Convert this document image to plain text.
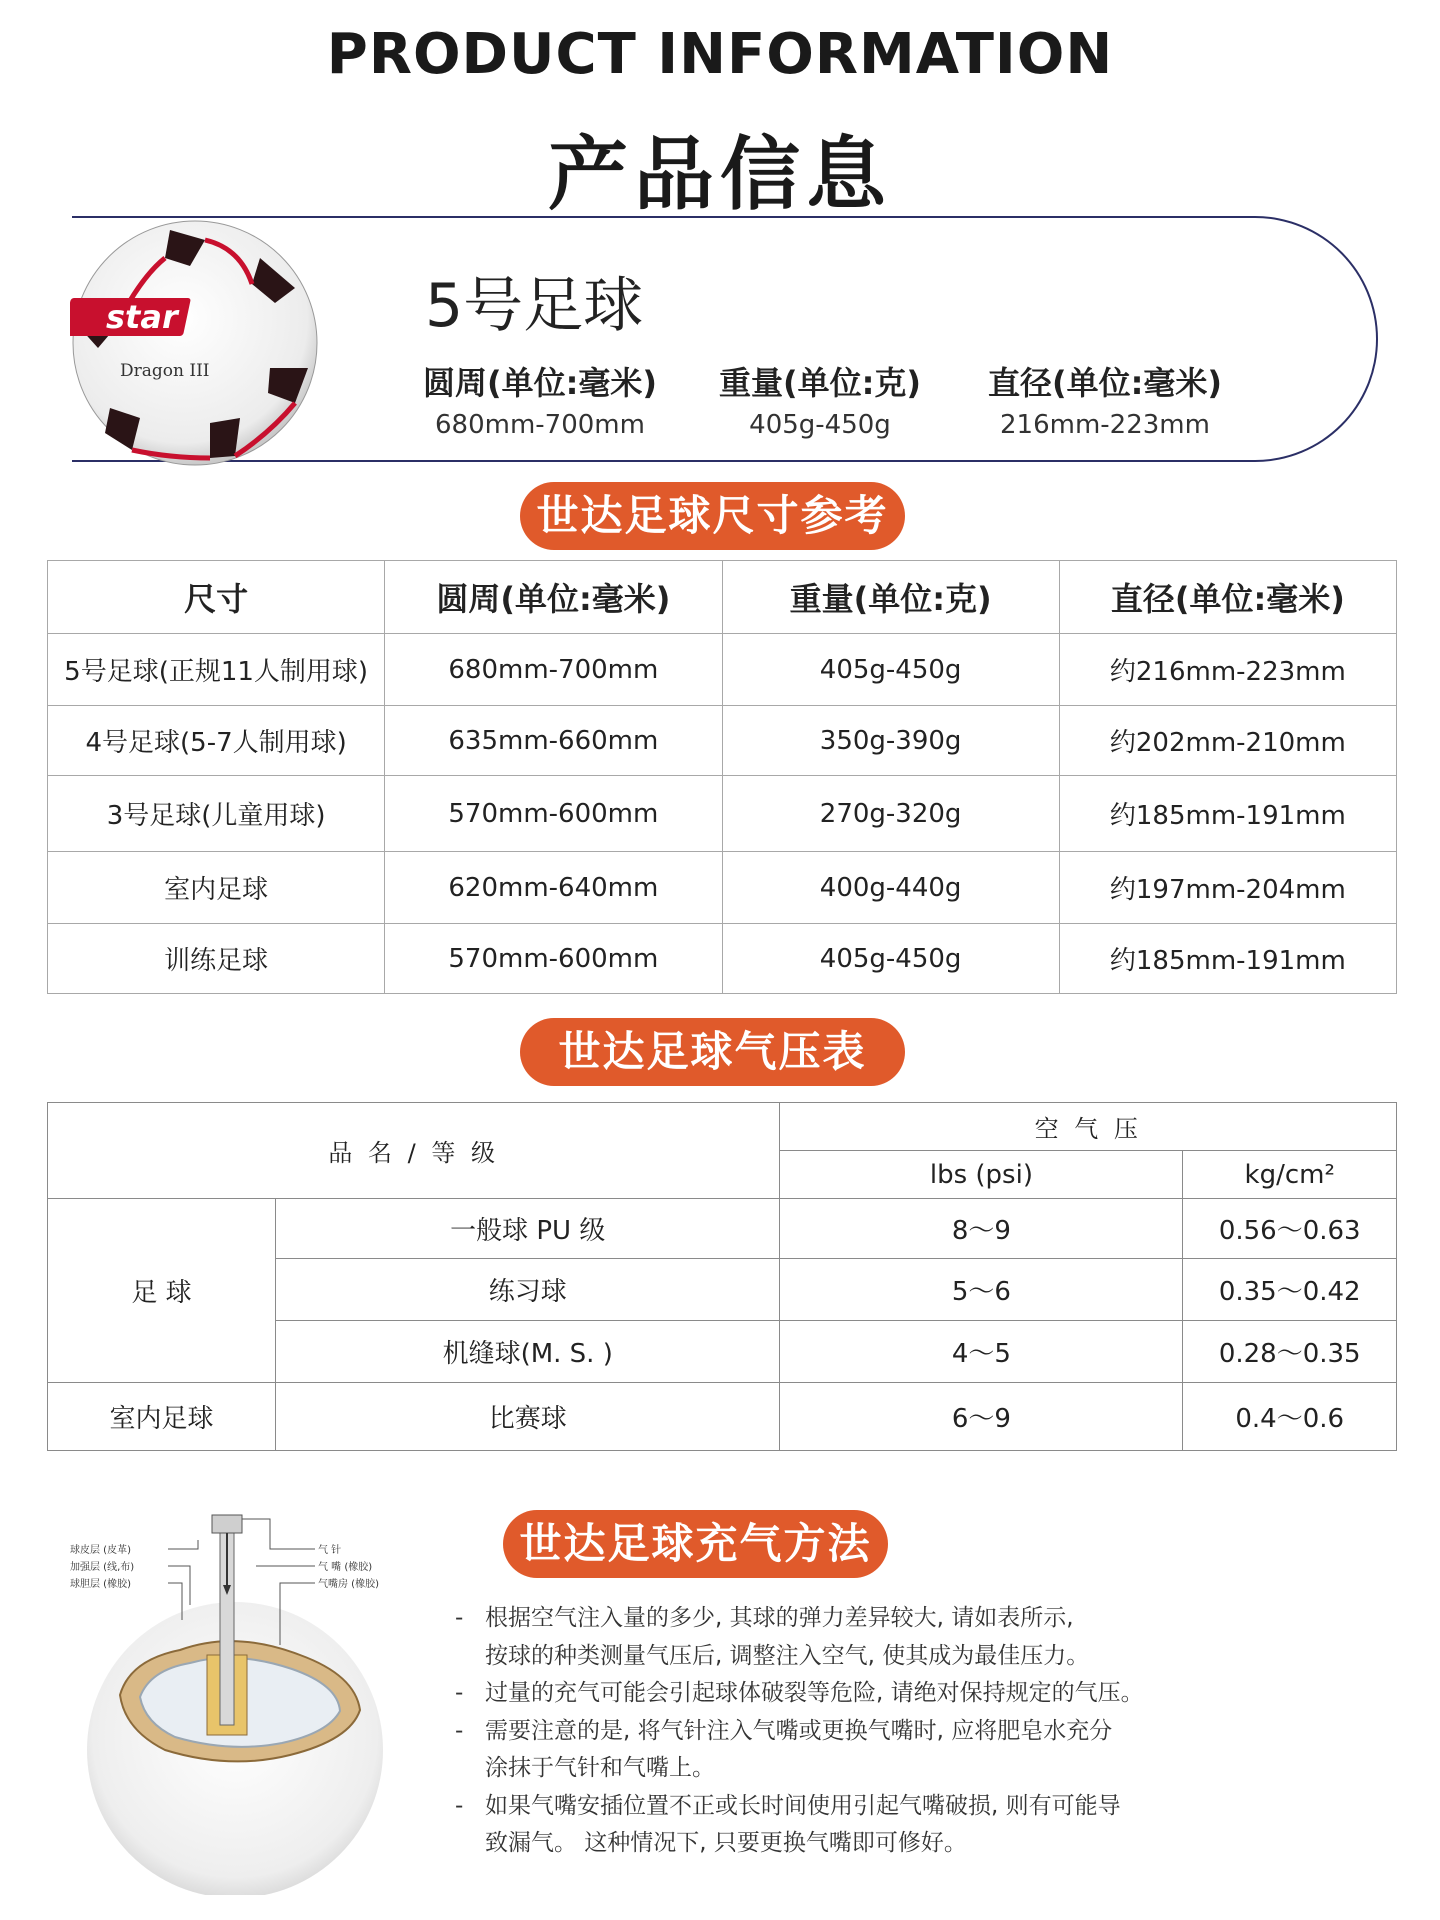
PRODUCT INFORMATION
产品信息
star
Dragon III
5号足球
圆周(单位:毫米)	重量(单位:克)	直径(单位:毫米)
680mm-700mm	405g-450g	216mm-223mm
世达足球尺寸参考
尺寸	圆周(单位:毫米)	重量(单位:克)	直径(单位:毫米)
5号足球(正规11人制用球)	680mm-700mm	405g-450g	约216mm-223mm
4号足球(5-7人制用球)	635mm-660mm	350g-390g	约202mm-210mm
3号足球(儿童用球)	570mm-600mm	270g-320g	约185mm-191mm
室内足球	620mm-640mm	400g-440g	约197mm-204mm
训练足球	570mm-600mm	405g-450g	约185mm-191mm
世达足球气压表
品 名 / 等 级		空 气 压	
		lbs (psi)	kg/cm²
足 球	一般球 PU 级	8～9	0.56～0.63
	练习球	5～6	0.35～0.42
	机缝球(M. S. )	4～5	0.28～0.35
室内足球	比赛球	6～9	0.4～0.6
球皮层 (皮革)
加强层 (线,布)
球胆层 (橡胶)
气 针
气 嘴 (橡胶)
气嘴房 (橡胶)
世达足球充气方法
- 根据空气注入量的多少, 其球的弹力差异较大, 请如表所示,
按球的种类测量气压后, 调整注入空气, 使其成为最佳压力。
- 过量的充气可能会引起球体破裂等危险, 请绝对保持规定的气压。
- 需要注意的是, 将气针注入气嘴或更换气嘴时, 应将肥皂水充分
涂抹于气针和气嘴上。
- 如果气嘴安插位置不正或长时间使用引起气嘴破损, 则有可能导
致漏气。 这种情况下, 只要更换气嘴即可修好。
